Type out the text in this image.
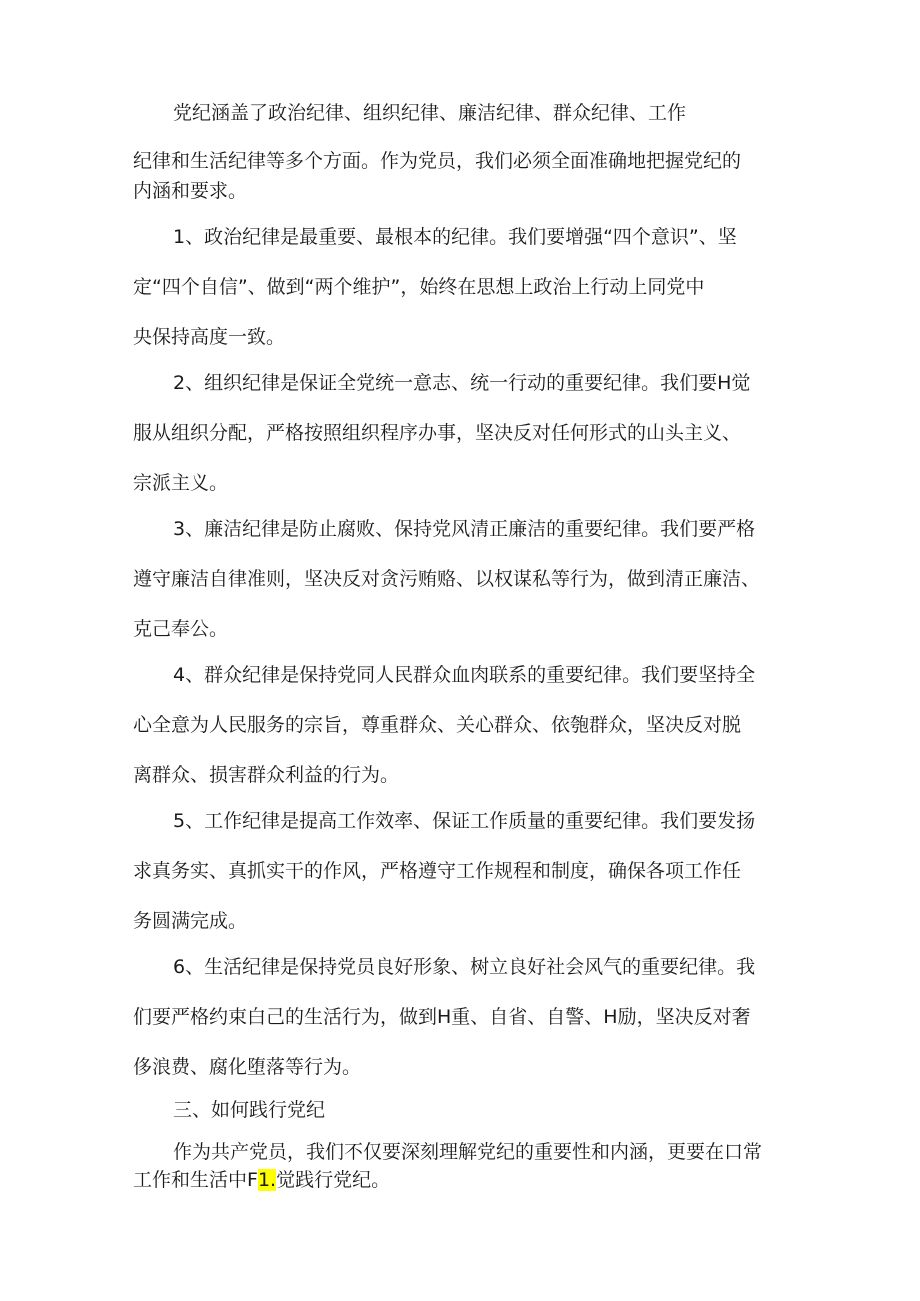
党纪涵盖了政治纪律、组织纪律、廉洁纪律、群众纪律、工作
纪律和生活纪律等多个方面。作为党员，我们必须全面准确地把握党纪的
内涵和要求。
1、政治纪律是最重要、最根本的纪律。我们要增强“四个意识”、坚
定“四个自信”、做到“两个维护”，始终在思想上政治上行动上同党中
央保持高度一致。
2、组织纪律是保证全党统一意志、统一行动的重要纪律。我们要H觉
服从组织分配，严格按照组织程序办事，坚决反对任何形式的山头主义、
宗派主义。
3、廉洁纪律是防止腐败、保持党风清正廉洁的重要纪律。我们要严格
遵守廉洁自律准则，坚决反对贪污贿赂、以权谋私等行为，做到清正廉洁、
克己奉公。
4、群众纪律是保持党同人民群众血肉联系的重要纪律。我们要坚持全
心全意为人民服务的宗旨，尊重群众、关心群众、依匏群众，坚决反对脱
离群众、损害群众利益的行为。
5、工作纪律是提高工作效率、保证工作质量的重要纪律。我们要发扬
求真务实、真抓实干的作风，严格遵守工作规程和制度，确保各项工作任
务圆满完成。
6、生活纪律是保持党员良好形象、树立良好社会风气的重要纪律。我
们要严格约束白己的生活行为，做到H重、自省、自警、H励，坚决反对奢
侈浪费、腐化堕落等行为。
三、如何践行党纪
作为共产党员，我们不仅要深刻理解党纪的重要性和内涵，更要在口常
工作和生活中F1.觉践行党纪。
